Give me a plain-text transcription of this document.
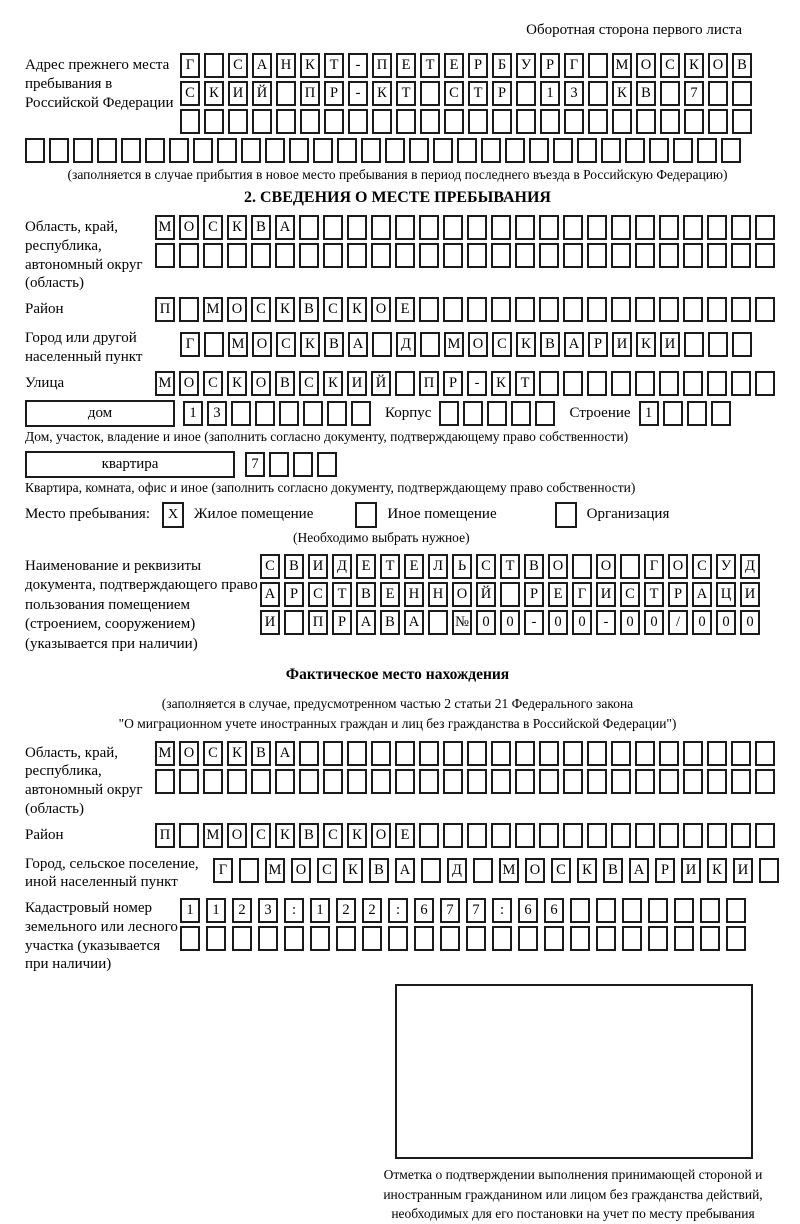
Оборотная сторона первого листа
Адрес прежнего места пребывания в Российской Федерации
Г	С А Н К	Т	-	П Е	Т	Е	Р	Б	У	Р	Г	М О С К О В
С К И Й	П	Р	-	К	Т	С	Т	Р	1	3	К В	7
(заполняется в случае прибытия в новое место пребывания в период последнего въезда в Российскую Федерацию)
2. СВЕДЕНИЯ О МЕСТЕ ПРЕБЫВАНИЯ
Область, край, республика, автономный округ (область)
М О С К В А
Район	П	М О С К В С К О Е
Город или другой населенный пункт
Г	М О С К В А	Д	М О С К В А	Р	И К И
Улица	М О С К О В С К И Й	П	Р	-	К	Т
дом	1	3	Корпус	Строение 1
Дом, участок, владение и иное (заполнить согласно документу, подтверждающему право собственности)
квартира	7
Квартира, комната, офис и иное (заполнить согласно документу, подтверждающему право собственности)
Место пребывания:	X	Жилое помещение	Иное помещение	Организация
(Необходимо выбрать нужное)
Наименование и реквизиты документа, подтверждающего право пользования помещением (строением, сооружением) (указывается при наличии)
С В И Д	Е	Т	Е	Л	Ь	С	Т	В О	О	Г	О С У Д
А	Р	С	Т	В	Е Н Н О Й	Р	Е	Г	И С	Т	Р	А Ц И
И	П	Р	А В А	№ 0	0	-	0	0	-	0	0	/	0	0	0
Фактическое место нахождения
(заполняется в случае, предусмотренном частью 2 статьи 21 Федерального закона
"О миграционном учете иностранных граждан и лиц без гражданства в Российской Федерации")
Область, край, республика, автономный округ (область)
М О С К В А
Район	П	М О С К В С К О Е
Город, сельское поселение, иной населенный пункт
Г	М О	С	К	В	А	Д	М О	С	К	В	А	Р	И	К	И
Кадастровый номер земельного или лесного участка (указывается при наличии)
1	1	2	3	:	1	2	2	:	6	7	7	:	6	6
Отметка о подтверждении выполнения принимающей стороной и иностранным гражданином или лицом без гражданства действий, необходимых для его постановки на учет по месту пребывания
